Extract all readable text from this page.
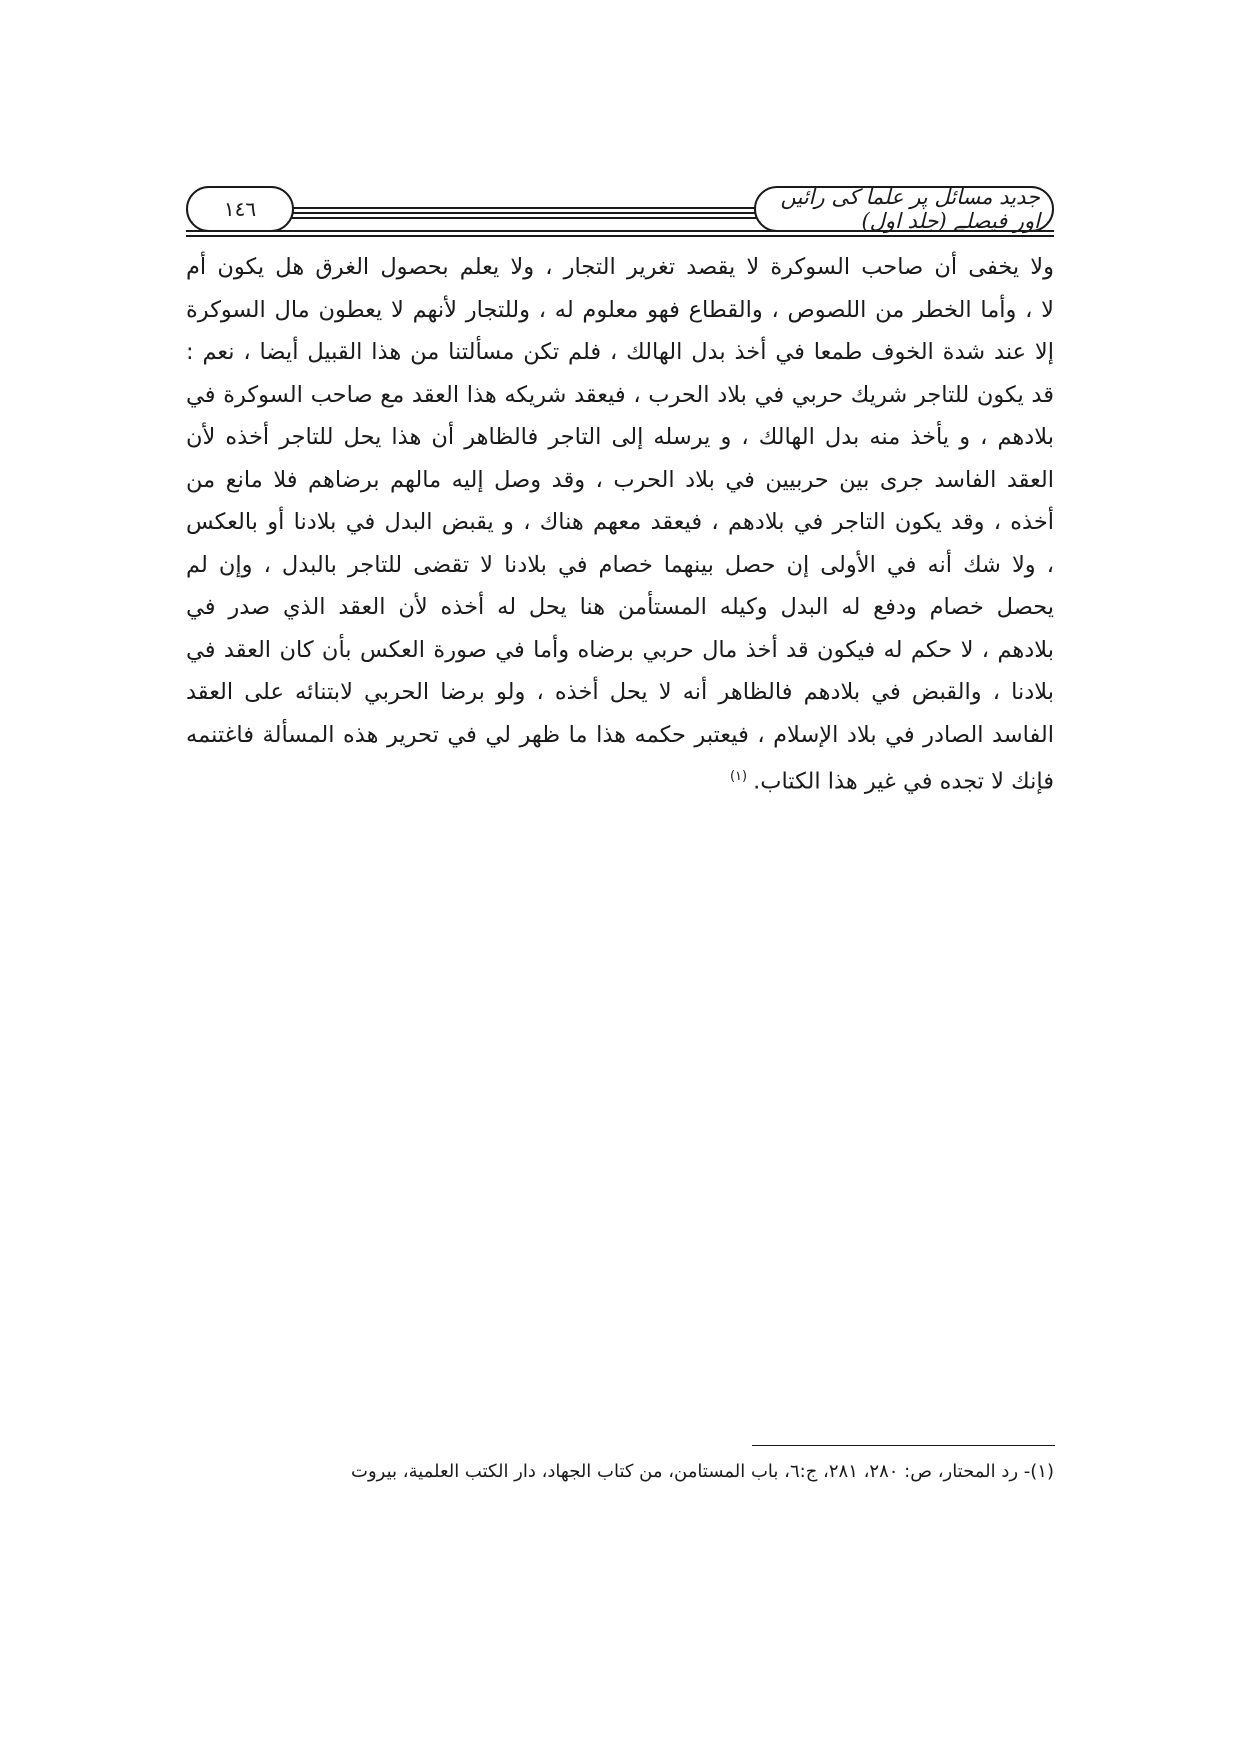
جدید مسائل پر علما کی رائیں اور فیصلے (جلد اول)
١٤٦
ولا يخفى أن صاحب السوكرة لا يقصد تغرير التجار ، ولا يعلم بحصول الغرق هل يكون أم
لا ، وأما الخطر من اللصوص ، والقطاع فهو معلوم له ، وللتجار لأنهم لا يعطون مال السوكرة
إلا عند شدة الخوف طمعا في أخذ بدل الهالك ، فلم تكن مسألتنا من هذا القبيل أيضا ، نعم :
قد يكون للتاجر شريك حربي في بلاد الحرب ، فيعقد شريكه هذا العقد مع صاحب السوكرة في
بلادهم ، و يأخذ منه بدل الهالك ، و يرسله إلى التاجر فالظاهر أن هذا يحل للتاجر أخذه لأن
العقد الفاسد جرى بين حربيين في بلاد الحرب ، وقد وصل إليه مالهم برضاهم فلا مانع من
أخذه ، وقد يكون التاجر في بلادهم ، فيعقد معهم هناك ، و يقبض البدل في بلادنا أو بالعكس
، ولا شك أنه في الأولى إن حصل بينهما خصام في بلادنا لا تقضى للتاجر بالبدل ، وإن لم
يحصل خصام ودفع له البدل وكيله المستأمن هنا يحل له أخذه لأن العقد الذي صدر في
بلادهم ، لا حكم له فيكون قد أخذ مال حربي برضاه وأما في صورة العكس بأن كان العقد في
بلادنا ، والقبض في بلادهم فالظاهر أنه لا يحل أخذه ، ولو برضا الحربي لابتنائه على العقد
الفاسد الصادر في بلاد الإسلام ، فيعتبر حكمه هذا ما ظهر لي في تحرير هذه المسألة فاغتنمه
فإنك لا تجده في غير هذا الكتاب.$^{(١)}$
(١)- رد المحتار، ص: ٢٨٠، ٢٨١، ج:٦، باب المستامن، من كتاب الجهاد، دار الكتب العلمية، بيروت
